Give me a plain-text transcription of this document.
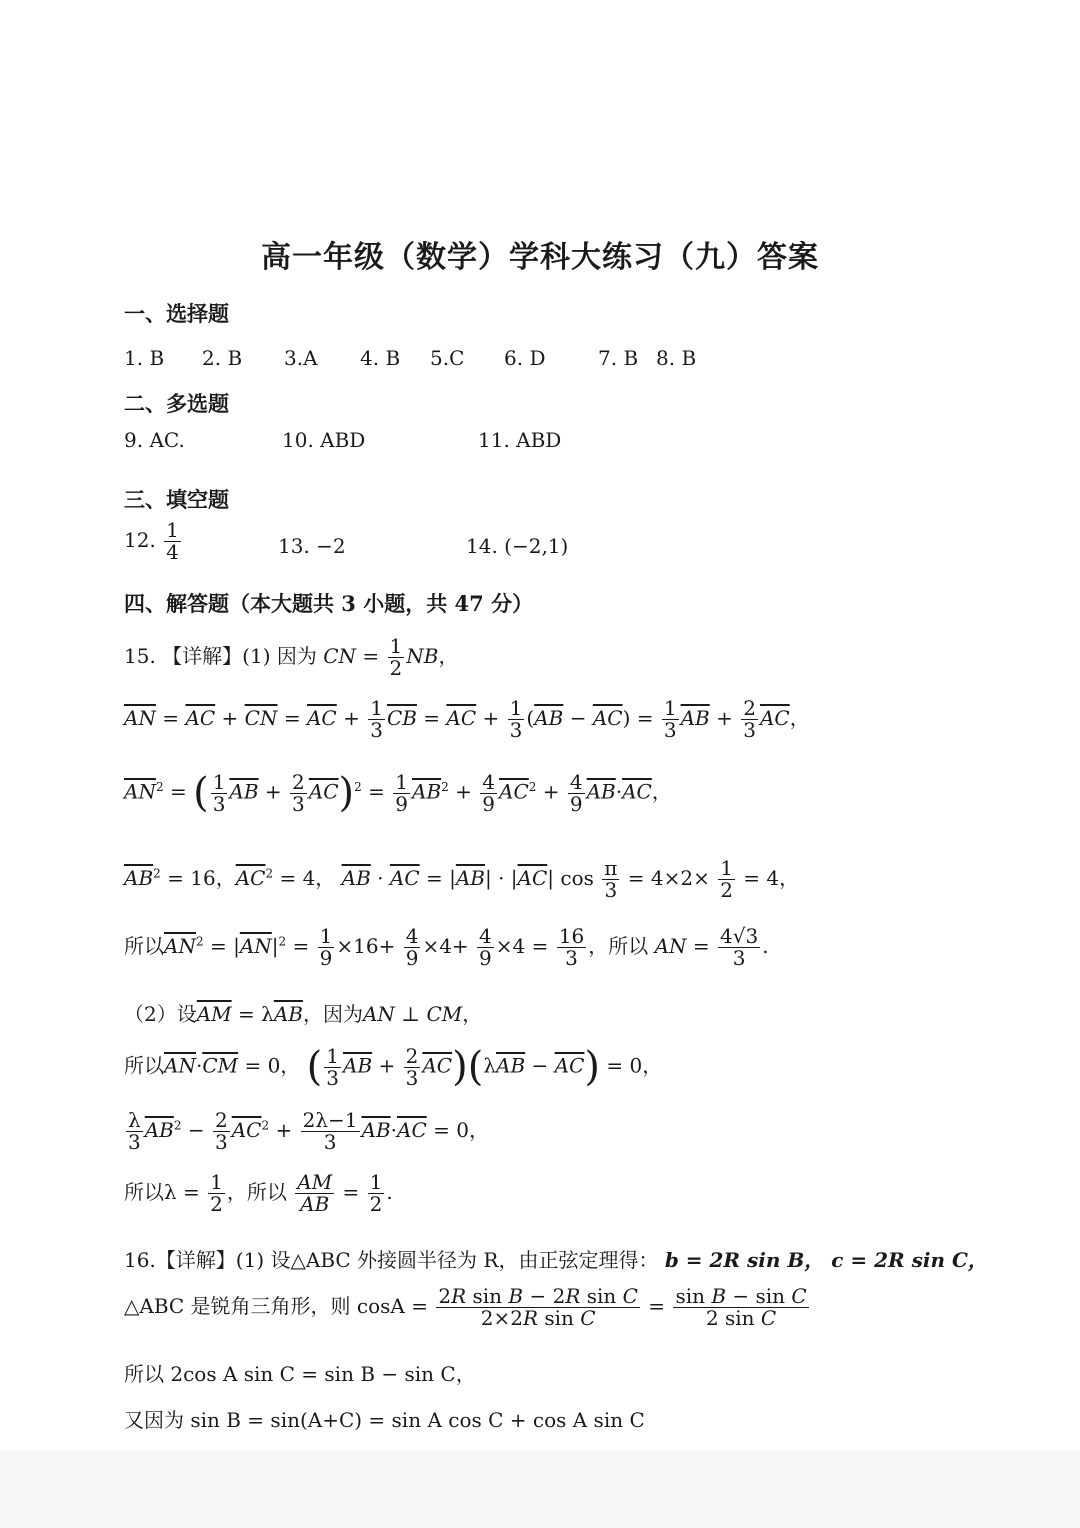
高一年级（数学）学科大练习（九）答案
一、选择题
1. B 2. B 3.A 4. B 5.C 6. D	7. B 8. B
二、多选题
9. AC.	10. ABD	11. ABD
三、填空题
12. $\frac{1}{4}$	13. −2	14. (−2,1)
四、解答题（本大题共 3 小题，共 47 分）
15. 【详解】(1) 因为 CN = $\frac{1}{2}$ NB，
$\overline{AN} = \overline{AC} + \overline{CN} = \overline{AC} + \frac{1}{3} \overline{CB} = \overline{AC} + \frac{1}{3} (\overline{AB} - \overline{AC}) = \frac{1}{3} \overline{AB} + \frac{2}{3} \overline{AC}$，
$\overline{AN}^2$ = ( $\frac{1}{3} \overline{AB} + \frac{2}{3} \overline{AC})^2 = \frac{1}{9} \overline{AB}^2 + \frac{4}{9} \overline{AC}^2 + \frac{4}{9} \overline{AB}\cdot\overline{AC}$，
$\overline{AB}^2 = 16$，$\overline{AC}^2 = 4$， $\overline{AB} \cdot \overline{AC} = |\overline{AB}| \cdot |\overline{AC}|$ $\cos \frac{\pi}{3} = 4\times 2\times \frac{1}{2} = 4$，
所以$\overline{AN}^2 = |\overline{AN}|^2 = \frac{1}{9} \times 16+ \frac{4}{9} \times 4+ \frac{4}{9} \times 4 = \frac{16}{3}$ ，所以 AN = $\frac{4√3}{3}$ .
（2）设$\overline{AM} = \lambda\overline{AB}$，因为AN ⊥ CM，
所以$\overline{AN}\cdot\overline{CM} = 0$， ( $\frac{1}{3} \overline{AB} + \frac{2}{3} \overline{AC})(\lambda\overline{AB} - \overline{AC}) = 0$，
$\frac{\lambda}{3} \overline{AB}^2 - \frac{2}{3} \overline{AC}^2 + \frac{2\lambda-1}{3} \overline{AB}\cdot\overline{AC} = 0$，
所以$\lambda = \frac{1}{2}$ ，所以 $\frac{AM}{AB} = \frac{1}{2}$ .
16.【详解】(1) 设△ABC 外接圆半径为 R，由正弦定理得： b = 2R sin B， c = 2R sin C，
△ABC 是锐角三角形，则 $\cos A = \frac{\text{2R sin B − 2R sin C}}{\text{2×2R sin C}} = \frac{\text{sin B − sin C}}{\text{2 sin C}}$
所以 2cos A sin C = sin B − sin C，
又因为 sin B = sin(A+C) = sin A cos C + cos A sin C
